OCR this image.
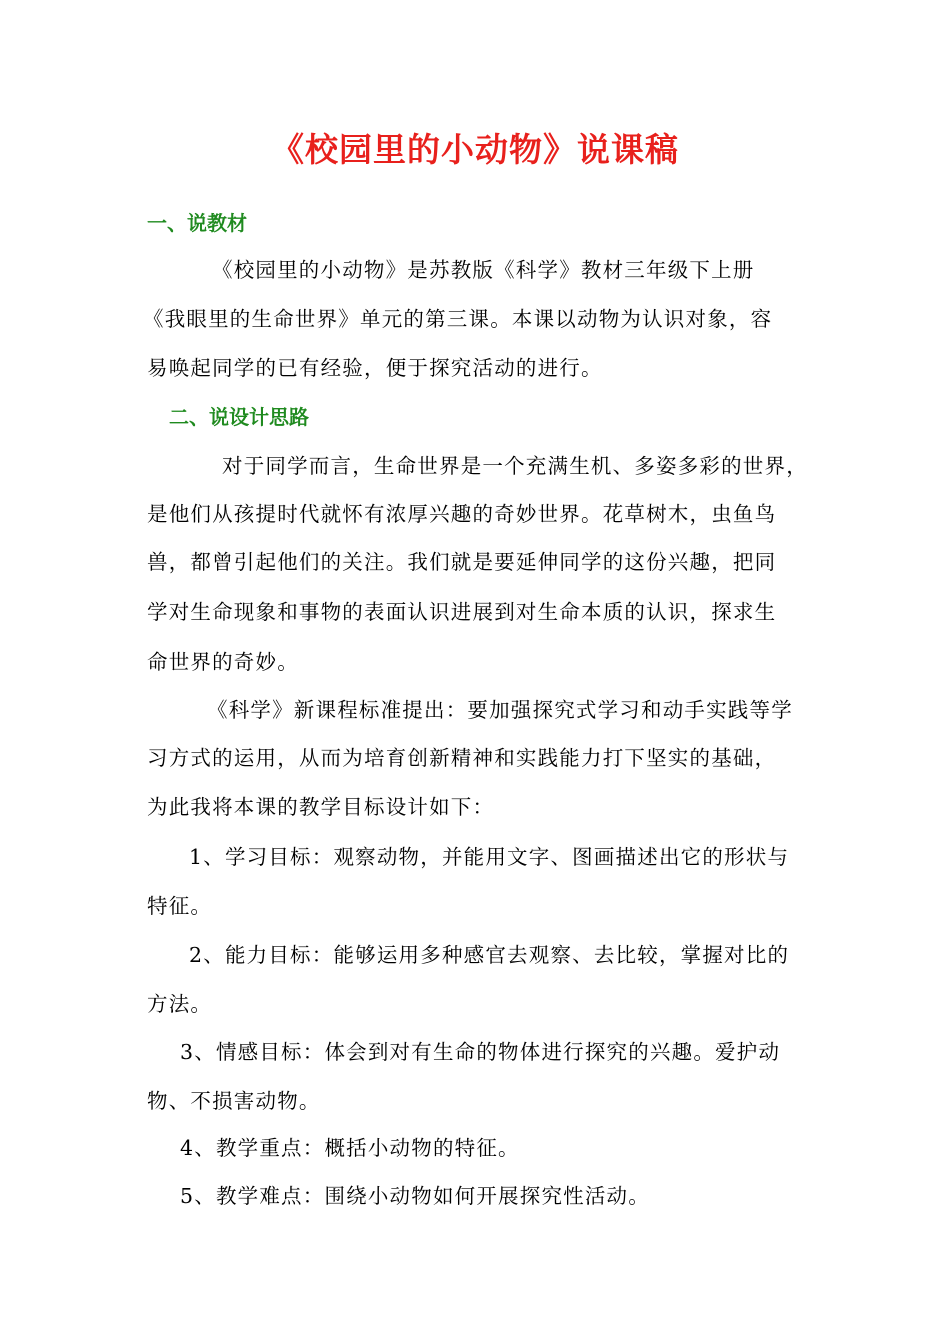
《校园里的小动物》说课稿
一、说教材
《校园里的小动物》是苏教版《科学》教材三年级下上册
《我眼里的生命世界》单元的第三课。本课以动物为认识对象，容
易唤起同学的已有经验，便于探究活动的进行。
二、说设计思路
对于同学而言，生命世界是一个充满生机、多姿多彩的世界，
是他们从孩提时代就怀有浓厚兴趣的奇妙世界。花草树木，虫鱼鸟
兽，都曾引起他们的关注。我们就是要延伸同学的这份兴趣，把同
学对生命现象和事物的表面认识进展到对生命本质的认识，探求生
命世界的奇妙。
《科学》新课程标准提出：要加强探究式学习和动手实践等学
习方式的运用，从而为培育创新精神和实践能力打下坚实的基础，
为此我将本课的教学目标设计如下：
1、学习目标：观察动物，并能用文字、图画描述出它的形状与
特征。
2、能力目标：能够运用多种感官去观察、去比较，掌握对比的
方法。
3、情感目标：体会到对有生命的物体进行探究的兴趣。爱护动
物、不损害动物。
4、教学重点：概括小动物的特征。
5、教学难点：围绕小动物如何开展探究性活动。
